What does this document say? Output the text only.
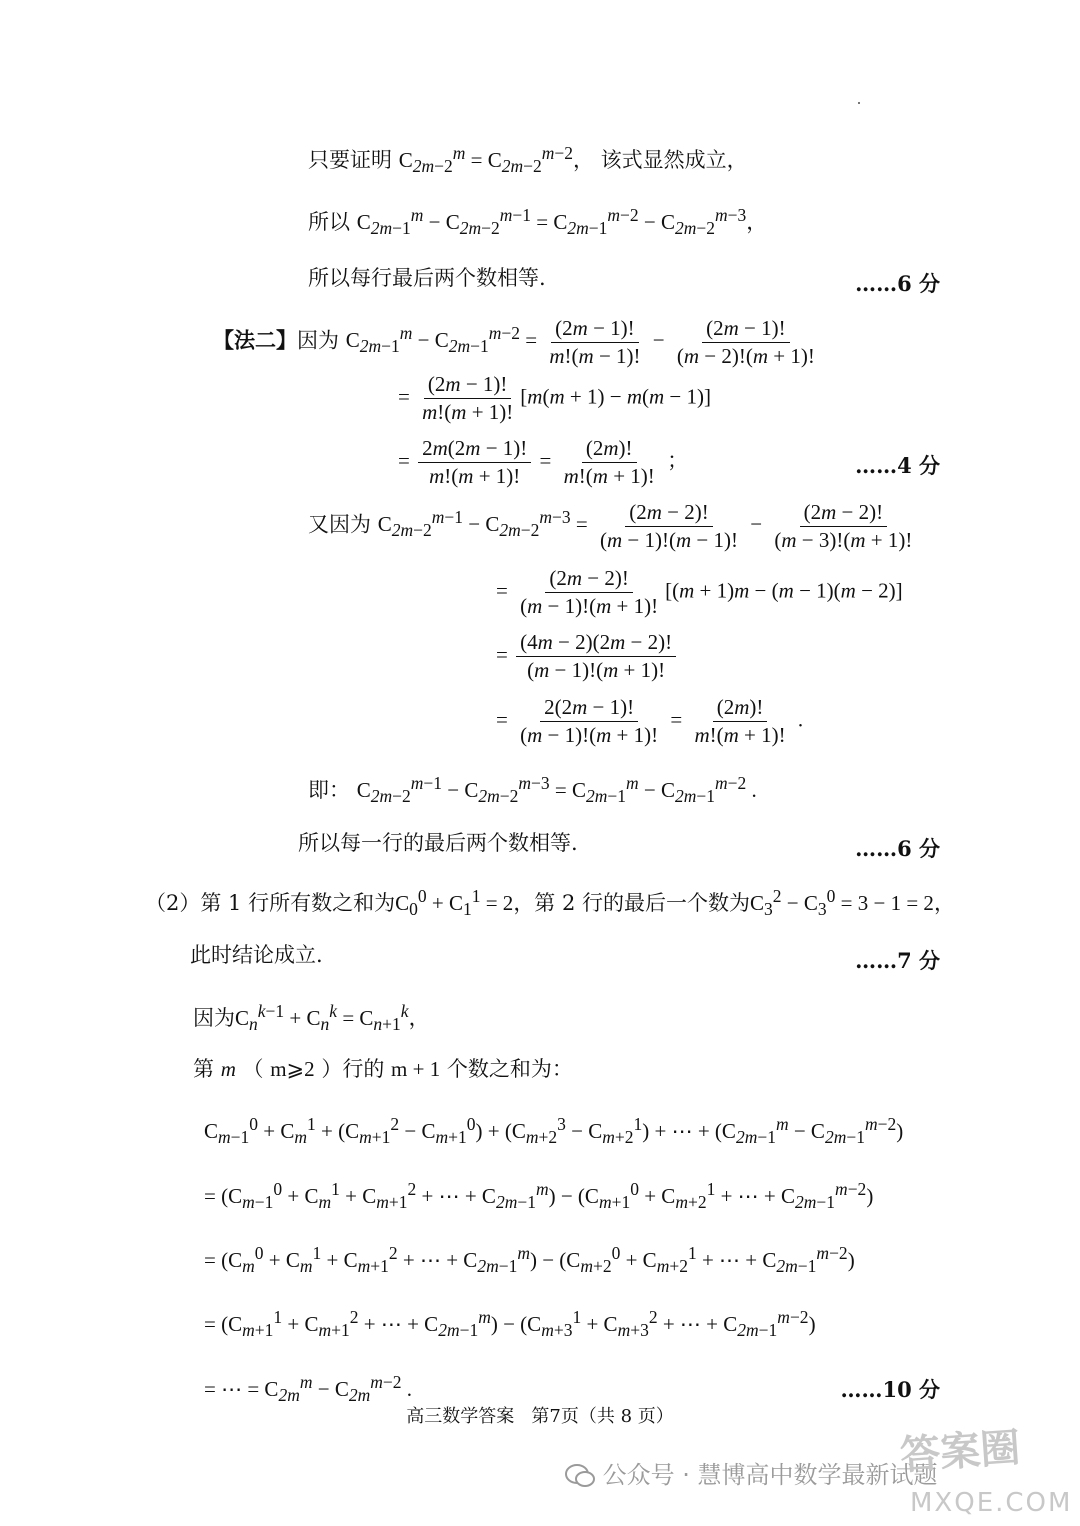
只要证明 $C_{2m-2}^m = C_{2m-2}^{m-2}$， 该式显然成立，
所以 $C_{2m-1}^m - C_{2m-2}^{m-1} = C_{2m-1}^{m-2} - C_{2m-2}^{m-3}$，
所以每行最后两个数相等.	……6 分
【法二】因为 $C_{2m-1}^m - C_{2m-1}^{m-2} = \frac{(2m - 1)!}{m!(m - 1)!} - \frac{(2m - 1)!}{(m - 2)!(m + 1)!}$
= $\frac{(2m - 1)!}{m!(m + 1)!} [m(m + 1) - m(m - 1)]$
= $\frac{2m(2m - 1)!}{m!(m + 1)!} = \frac{(2m)!}{m!(m + 1)!}$ ；	……4 分
又因为 $C_{2m-2}^{m-1} - C_{2m-2}^{m-3} = \frac{(2m - 2)!}{(m - 1)!(m - 1)!} - \frac{(2m - 2)!}{(m - 3)!(m + 1)!}$
= $\frac{(2m - 2)!}{(m - 1)!(m + 1)!} [(m + 1)m - (m - 1)(m - 2)]$
= $\frac{(4m - 2)(2m - 2)!}{(m - 1)!(m + 1)!}$
= $\frac{2(2m - 1)!}{(m - 1)!(m + 1)!} = \frac{(2m)!}{m!(m + 1)!}$ .
即： $C_{2m-2}^{m-1} - C_{2m-2}^{m-3} = C_{2m-1}^m - C_{2m-1}^{m-2}$ .
所以每一行的最后两个数相等.	……6 分
（2）第 1 行所有数之和为$C_0^0 + C_1^1 = 2$，第 2 行的最后一个数为$C_3^2 - C_3^0 = 3 - 1 = 2$，
此时结论成立.	……7 分
因为$C_n^{k-1} + C_n^k = C_{n+1}^k$，
第 m （ m⩾2 ）行的 m + 1 个数之和为：
$C_{m-1}^0 + C_m^1 + (C_{m+1}^2 - C_{m+1}^0) + (C_{m+2}^3 - C_{m+2}^1)$ + ⋯ + $(C_{2m-1}^m - C_{2m-1}^{m-2})$
= ($C_{m-1}^0 + C_m^1 + C_{m+1}^2$ + ⋯ + $C_{2m-1}^m) - (C_{m+1}^0 + C_{m+2}^1$ + ⋯ + $C_{2m-1}^{m-2}$)
= ($C_m^0 + C_m^1 + C_{m+1}^2$ + ⋯ + $C_{2m-1}^m) - (C_{m+2}^0 + C_{m+2}^1$ + ⋯ + $C_{2m-1}^{m-2}$)
= ($C_{m+1}^1 + C_{m+1}^2$ + ⋯ + $C_{2m-1}^m) - (C_{m+3}^1 + C_{m+3}^2$ + ⋯ + $C_{2m-1}^{m-2}$)
= ⋯ = $C_{2m}^m - C_{2m}^{m-2}$ .	……10 分
高三数学答案 第7页（共 8 页）
公众号 · 慧博高中数学最新试题
答案圈
MXQE.COM
